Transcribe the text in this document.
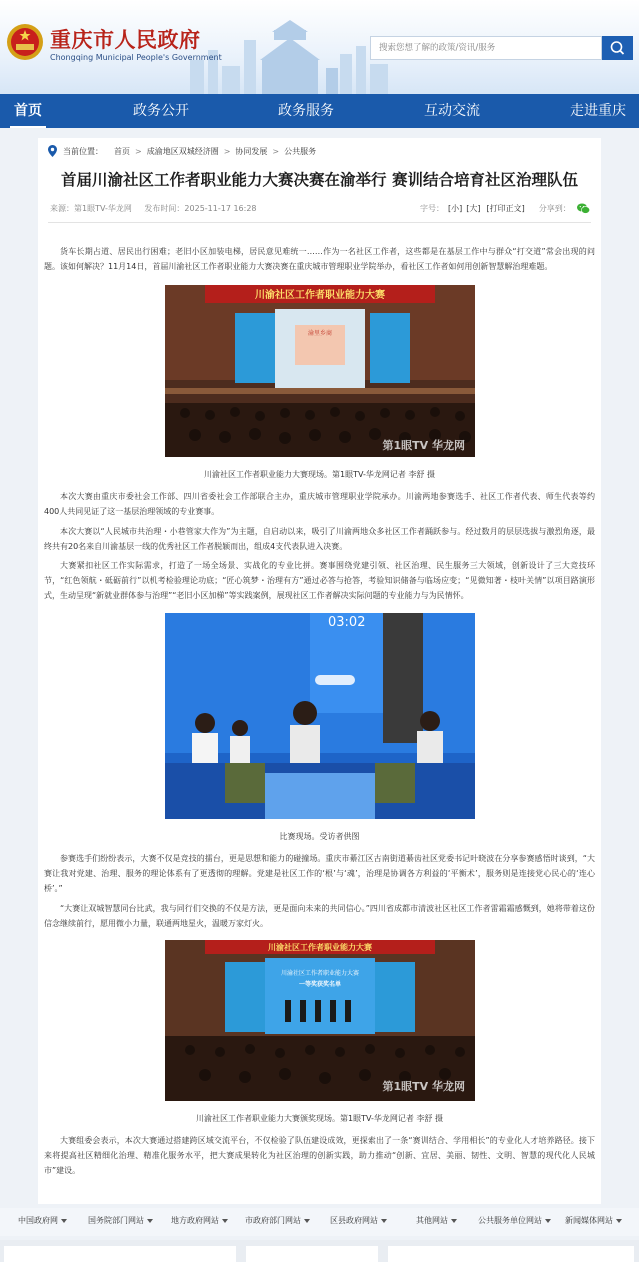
重庆市人民政府
Chongqing Municipal People's Government
搜索您想了解的政策/资讯/服务
首页	政务公开	政务服务	互动交流	走进重庆
当前位置： 首页 > 成渝地区双城经济圈 > 协同发展 > 公共服务
首届川渝社区工作者职业能力大赛决赛在渝举行 赛训结合培育社区治理队伍
来源：第1眼TV-华龙网 发布时间：2025-11-17 16:28	字号： [小] [大] [打印正文] 分享到：

货车长期占道、居民出行困难；老旧小区加装电梯，居民意见难统一……作为一名社区工作者，这些都是在基层工作中与群众“打交道”常会出现的问题。该如何解决？11月14日，首届川渝社区工作者职业能力大赛决赛在重庆城市管理职业学院举办，看社区工作者如何用创新智慧解治理难题。

川渝社区工作者职业能力大赛
渝里乡商
第1眼TV 华龙网
川渝社区工作者职业能力大赛现场。第1眼TV-华龙网记者 李舒 摄

本次大赛由重庆市委社会工作部、四川省委社会工作部联合主办，重庆城市管理职业学院承办。川渝两地参赛选手、社区工作者代表、师生代表等约400人共同见证了这一基层治理领域的专业赛事。

本次大赛以“人民城市共治理・小巷管家大作为”为主题，自启动以来，吸引了川渝两地众多社区工作者踊跃参与。经过数月的层层选拔与激烈角逐，最终共有20名来自川渝基层一线的优秀社区工作者脱颖而出，组成4支代表队进入决赛。

大赛紧扣社区工作实际需求，打造了一场全场景、实战化的专业比拼。赛事围绕党建引领、社区治理、民生服务三大领域，创新设计了三大竞技环节，“红色领航・砥砺前行”以机考检验理论功底；“匠心筑梦・治理有方”通过必答与抢答，考验知识储备与临场应变；“见微知著・枝叶关情”以项目路演形式，生动呈现“新就业群体参与治理”“老旧小区加梯”等实践案例，展现社区工作者解决实际问题的专业能力与为民情怀。

03:02
比赛现场。受访者供图

参赛选手们纷纷表示，大赛不仅是竞技的擂台，更是思想和能力的碰撞场。重庆市綦江区古南街道綦齿社区党委书记叶晓波在分享参赛感悟时谈到，“大赛让我对党建、治理、服务的理论体系有了更透彻的理解。党建是社区工作的‘根’与‘魂’，治理是协调各方利益的‘平衡术’，服务则是连接党心民心的‘连心桥’。”

“大赛让双城智慧同台比武，我与同行们交换的不仅是方法，更是面向未来的共同信心。”四川省成都市清波社区社区工作者雷霜霜感慨到，她将带着这份信念继续前行，愿用微小力量，联通两地星火，温暖万家灯火。

川渝社区工作者职业能力大赛
川渝社区工作者职业能力大赛
一等奖获奖名单
第1眼TV 华龙网
川渝社区工作者职业能力大赛颁奖现场。第1眼TV-华龙网记者 李舒 摄

大赛组委会表示，本次大赛通过搭建跨区域交流平台，不仅检验了队伍建设成效，更探索出了一条“赛训结合、学用相长”的专业化人才培养路径。接下来将提高社区精细化治理、精准化服务水平，把大赛成果转化为社区治理的创新实践，助力推动“创新、宜居、美丽、韧性、文明、智慧的现代化人民城市”建设。

中国政府网	国务院部门网站	地方政府网站	市政府部门网站	区县政府网站	其他网站	公共服务单位网站	新闻媒体网站
